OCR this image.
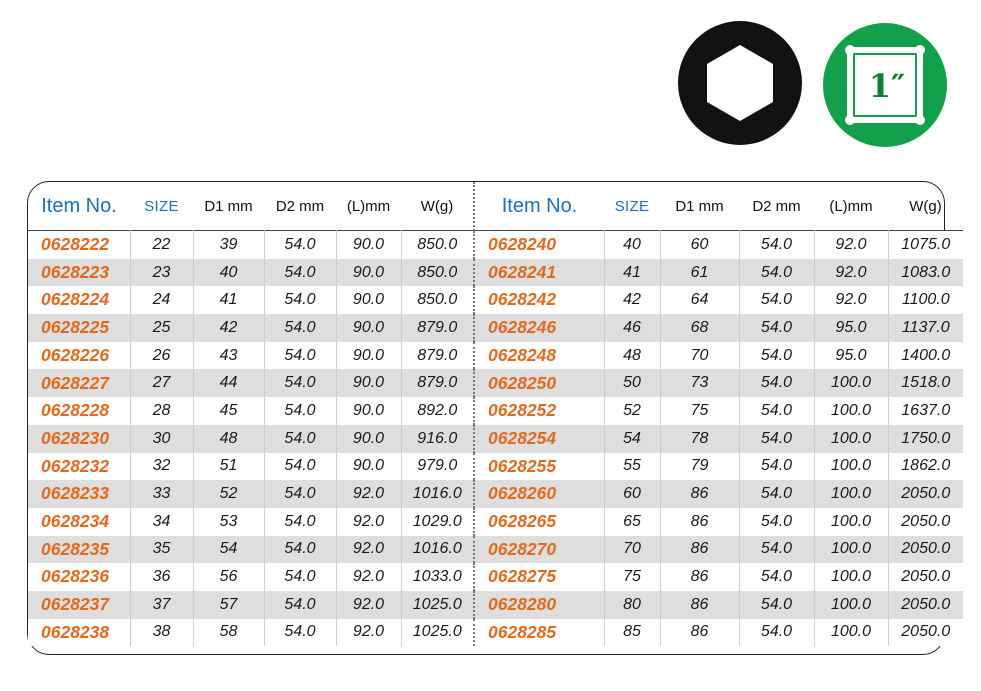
1″
Item No.	SIZE	D1 mm	D2 mm	(L)mm	W(g)	Item No.	SIZE	D1 mm	D2 mm	(L)mm	W(g)
0628222	22	39	54.0	90.0	850.0	0628240	40	60	54.0	92.0	1075.0
0628223	23	40	54.0	90.0	850.0	0628241	41	61	54.0	92.0	1083.0
0628224	24	41	54.0	90.0	850.0	0628242	42	64	54.0	92.0	1100.0
0628225	25	42	54.0	90.0	879.0	0628246	46	68	54.0	95.0	1137.0
0628226	26	43	54.0	90.0	879.0	0628248	48	70	54.0	95.0	1400.0
0628227	27	44	54.0	90.0	879.0	0628250	50	73	54.0	100.0	1518.0
0628228	28	45	54.0	90.0	892.0	0628252	52	75	54.0	100.0	1637.0
0628230	30	48	54.0	90.0	916.0	0628254	54	78	54.0	100.0	1750.0
0628232	32	51	54.0	90.0	979.0	0628255	55	79	54.0	100.0	1862.0
0628233	33	52	54.0	92.0	1016.0	0628260	60	86	54.0	100.0	2050.0
0628234	34	53	54.0	92.0	1029.0	0628265	65	86	54.0	100.0	2050.0
0628235	35	54	54.0	92.0	1016.0	0628270	70	86	54.0	100.0	2050.0
0628236	36	56	54.0	92.0	1033.0	0628275	75	86	54.0	100.0	2050.0
0628237	37	57	54.0	92.0	1025.0	0628280	80	86	54.0	100.0	2050.0
0628238	38	58	54.0	92.0	1025.0	0628285	85	86	54.0	100.0	2050.0
